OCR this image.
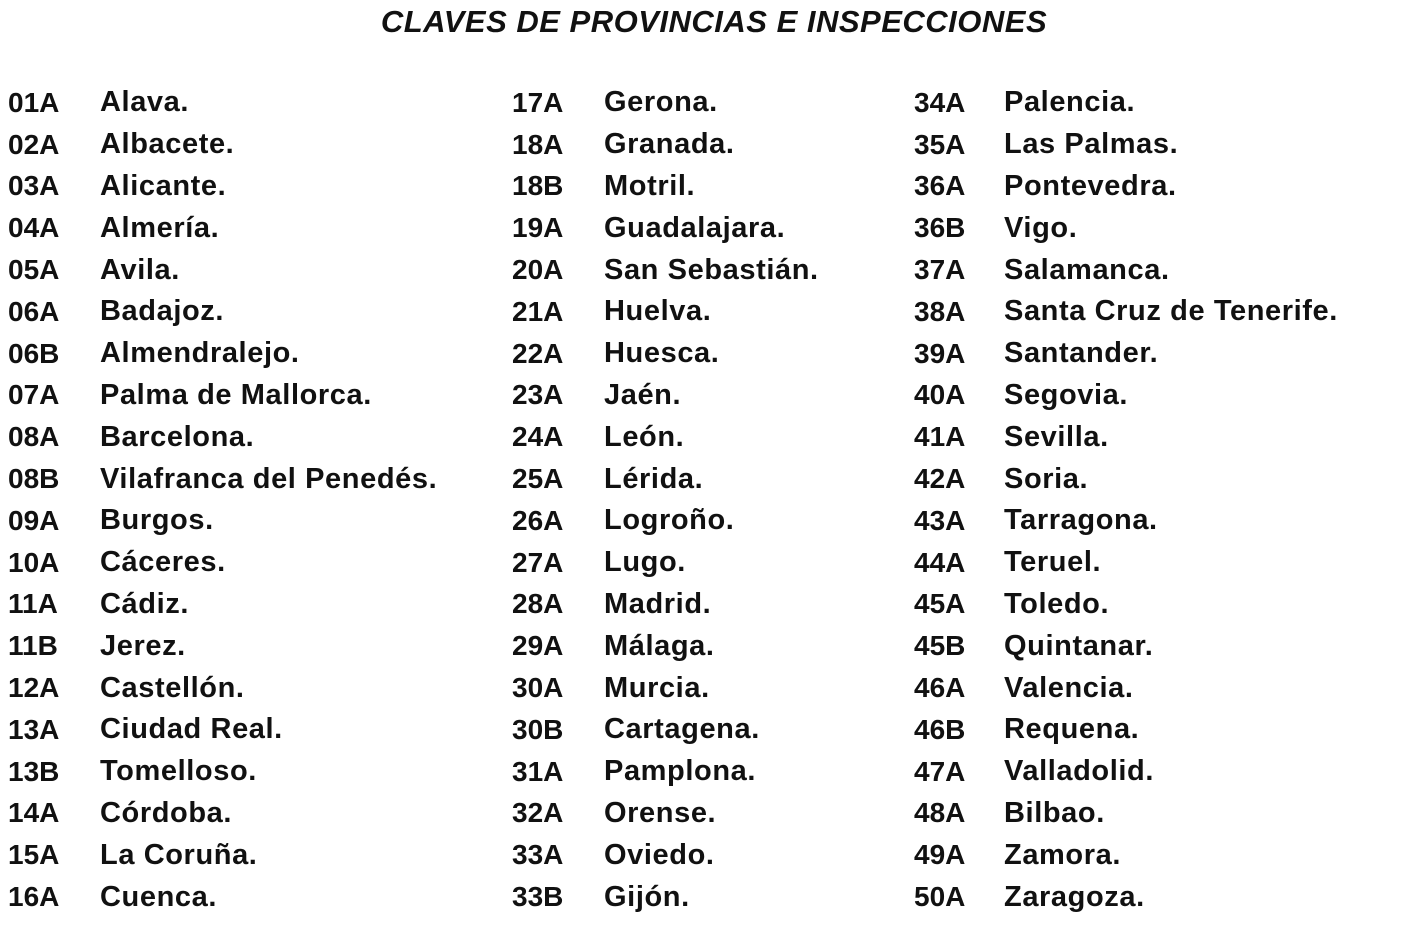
CLAVES DE PROVINCIAS E INSPECCIONES
01A	Alava.
02A	Albacete.
03A	Alicante.
04A	Almería.
05A	Avila.
06A	Badajoz.
06B	Almendralejo.
07A	Palma de Mallorca.
08A	Barcelona.
08B	Vilafranca del Penedés.
09A	Burgos.
10A	Cáceres.
11A	Cádiz.
11B	Jerez.
12A	Castellón.
13A	Ciudad Real.
13B	Tomelloso.
14A	Córdoba.
15A	La Coruña.
16A	Cuenca.
17A	Gerona.
18A	Granada.
18B	Motril.
19A	Guadalajara.
20A	San Sebastián.
21A	Huelva.
22A	Huesca.
23A	Jaén.
24A	León.
25A	Lérida.
26A	Logroño.
27A	Lugo.
28A	Madrid.
29A	Málaga.
30A	Murcia.
30B	Cartagena.
31A	Pamplona.
32A	Orense.
33A	Oviedo.
33B	Gijón.
34A	Palencia.
35A	Las Palmas.
36A	Pontevedra.
36B	Vigo.
37A	Salamanca.
38A	Santa Cruz de Tenerife.
39A	Santander.
40A	Segovia.
41A	Sevilla.
42A	Soria.
43A	Tarragona.
44A	Teruel.
45A	Toledo.
45B	Quintanar.
46A	Valencia.
46B	Requena.
47A	Valladolid.
48A	Bilbao.
49A	Zamora.
50A	Zaragoza.
